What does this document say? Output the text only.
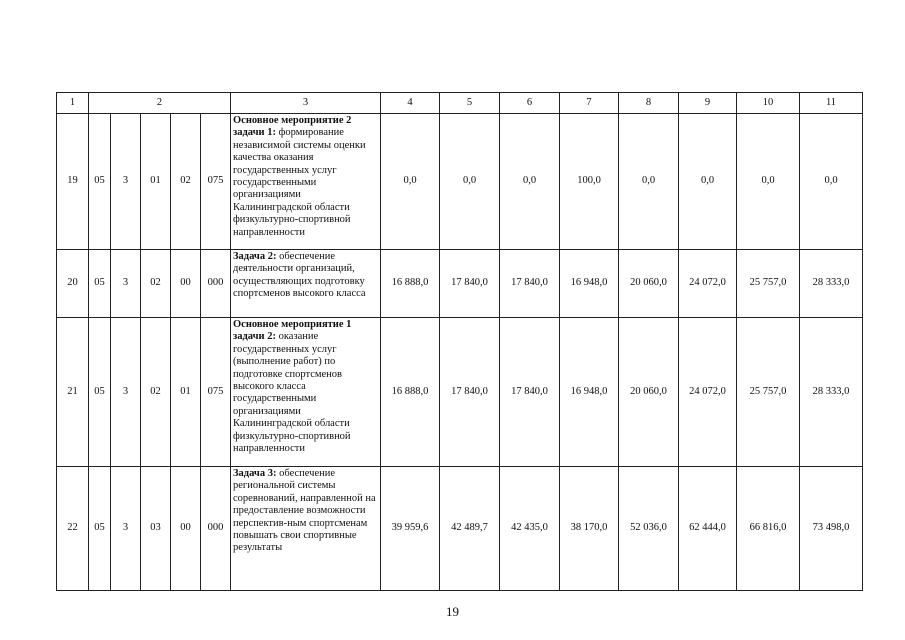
1	2					3	4	5	6	7	8	9	10	11
19	05	3	01	02	075	Основное мероприятие 2 задачи 1: формирование независимой системы оценки качества оказания государственных услуг государственными организациями Калининградской области физкультурно-спортивной направленности	0,0	0,0	0,0	100,0	0,0	0,0	0,0	0,0
20	05	3	02	00	000	Задача 2: обеспечение деятельности организаций, осуществляющих подготовку спортсменов высокого класса	16 888,0	17 840,0	17 840,0	16 948,0	20 060,0	24 072,0	25 757,0	28 333,0
21	05	3	02	01	075	Основное мероприятие 1 задачи 2: оказание государственных услуг (выполнение работ) по подготовке спортсменов высокого класса государственными организациями Калининградской области физкультурно-спортивной направленности	16 888,0	17 840,0	17 840,0	16 948,0	20 060,0	24 072,0	25 757,0	28 333,0
22	05	3	03	00	000	Задача 3: обеспечение региональной системы соревнований, направленной на предоставление возможности перспектив-ным спортсменам повышать свои спортивные результаты	39 959,6	42 489,7	42 435,0	38 170,0	52 036,0	62 444,0	66 816,0	73 498,0
19
